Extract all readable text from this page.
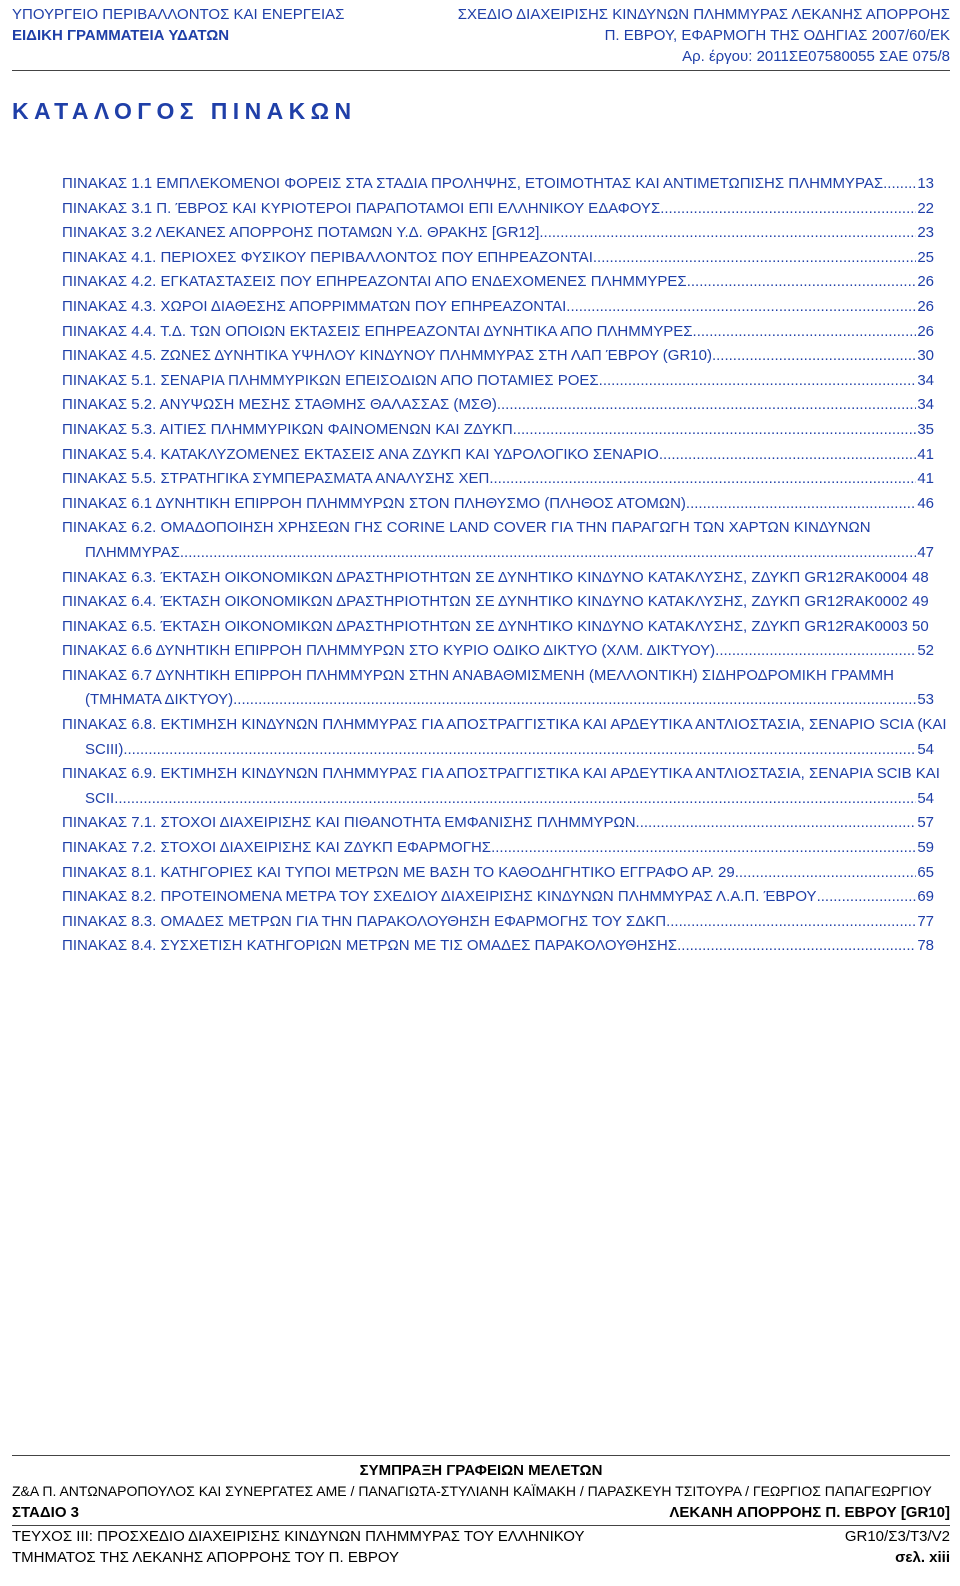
ΥΠΟΥΡΓΕΙΟ ΠΕΡΙΒΑΛΛΟΝΤΟΣ ΚΑΙ ΕΝΕΡΓΕΙΑΣ
ΕΙΔΙΚΗ ΓΡΑΜΜΑΤΕΙΑ ΥΔΑΤΩΝ
ΣΧΕΔΙΟ ΔΙΑΧΕΙΡΙΣΗΣ ΚΙΝΔΥΝΩΝ ΠΛΗΜΜΥΡΑΣ ΛΕΚΑΝΗΣ ΑΠΟΡΡΟΗΣ
Π. ΕΒΡΟΥ, ΕΦΑΡΜΟΓΗ ΤΗΣ ΟΔΗΓΙΑΣ 2007/60/ΕΚ
Αρ. έργου: 2011ΣΕ07580055 ΣΑΕ 075/8
ΚΑΤΑΛΟΓΟΣ ΠΙΝΑΚΩΝ
ΠΙΝΑΚΑΣ 1.1 ΕΜΠΛΕΚΟΜΕΝΟΙ ΦΟΡΕΙΣ ΣΤΑ ΣΤΑΔΙΑ ΠΡΟΛΗΨΗΣ, ΕΤΟΙΜΟΤΗΤΑΣ ΚΑΙ ΑΝΤΙΜΕΤΩΠΙΣΗΣ ΠΛΗΜΜΥΡΑΣ ..... 13
ΠΙΝΑΚΑΣ 3.1 Π. ΈΒΡΟΣ ΚΑΙ ΚΥΡΙΟΤΕΡΟΙ ΠΑΡΑΠΟΤΑΜΟΙ ΕΠΙ ΕΛΛΗΝΙΚΟΥ ΕΔΑΦΟΥΣ .....	22
ΠΙΝΑΚΑΣ 3.2 ΛΕΚΑΝΕΣ ΑΠΟΡΡΟΗΣ ΠΟΤΑΜΩΝ Υ.Δ. ΘΡΑΚΗΣ [GR12] .....	23
ΠΙΝΑΚΑΣ 4.1. ΠΕΡΙΟΧΕΣ ΦΥΣΙΚΟΥ ΠΕΡΙΒΑΛΛΟΝΤΟΣ ΠΟΥ ΕΠΗΡΕΑΖΟΝΤΑΙ .....	25
ΠΙΝΑΚΑΣ 4.2. ΕΓΚΑΤΑΣΤΑΣΕΙΣ ΠΟΥ ΕΠΗΡΕΑΖΟΝΤΑΙ ΑΠΟ ΕΝΔΕΧΟΜΕΝΕΣ ΠΛΗΜΜΥΡΕΣ .....	26
ΠΙΝΑΚΑΣ 4.3. ΧΩΡΟΙ ΔΙΑΘΕΣΗΣ ΑΠΟΡΡΙΜΜΑΤΩΝ ΠΟΥ ΕΠΗΡΕΑΖΟΝΤΑΙ .....	26
ΠΙΝΑΚΑΣ 4.4. Τ.Δ. ΤΩΝ ΟΠΟΙΩΝ ΕΚΤΑΣΕΙΣ ΕΠΗΡΕΑΖΟΝΤΑΙ ΔΥΝΗΤΙΚΑ ΑΠΟ ΠΛΗΜΜΥΡΕΣ .....	26
ΠΙΝΑΚΑΣ 4.5. ΖΩΝΕΣ ΔΥΝΗΤΙΚΑ ΥΨΗΛΟΥ ΚΙΝΔΥΝΟΥ ΠΛΗΜΜΥΡΑΣ ΣΤΗ ΛΑΠ ΈΒΡΟΥ (GR10) .....	30
ΠΙΝΑΚΑΣ 5.1. ΣΕΝΑΡΙΑ ΠΛΗΜΜΥΡΙΚΩΝ ΕΠΕΙΣΟΔΙΩΝ ΑΠΟ ΠΟΤΑΜΙΕΣ ΡΟΕΣ. .....	34
ΠΙΝΑΚΑΣ 5.2. ΑΝΥΨΩΣΗ ΜΕΣΗΣ ΣΤΑΘΜΗΣ ΘΑΛΑΣΣΑΣ (ΜΣΘ) .....	34
ΠΙΝΑΚΑΣ 5.3. ΑΙΤΙΕΣ ΠΛΗΜΜΥΡΙΚΩΝ ΦΑΙΝΟΜΕΝΩΝ ΚΑΙ ΖΔΥΚΠ. .....	35
ΠΙΝΑΚΑΣ 5.4. ΚΑΤΑΚΛΥΖΟΜΕΝΕΣ ΕΚΤΑΣΕΙΣ ΑΝΑ ΖΔΥΚΠ ΚΑΙ ΥΔΡΟΛΟΓΙΚΟ ΣΕΝΑΡΙΟ .....	41
ΠΙΝΑΚΑΣ 5.5. ΣΤΡΑΤΗΓΙΚΑ ΣΥΜΠΕΡΑΣΜΑΤΑ ΑΝΑΛΥΣΗΣ ΧΕΠ .....	41
ΠΙΝΑΚΑΣ 6.1 ΔΥΝΗΤΙΚΗ ΕΠΙΡΡΟΗ ΠΛΗΜΜΥΡΩΝ ΣΤΟΝ ΠΛΗΘΥΣΜΟ (ΠΛΗΘΟΣ ΑΤΟΜΩΝ) .....	46
ΠΙΝΑΚΑΣ 6.2. ΟΜΑΔΟΠΟΙΗΣΗ ΧΡΗΣΕΩΝ ΓΗΣ CORINE LAND COVER ΓΙΑ ΤΗΝ ΠΑΡΑΓΩΓΗ ΤΩΝ ΧΑΡΤΩΝ ΚΙΝΔΥΝΩΝ
ΠΛΗΜΜΥΡΑΣ .....	47
ΠΙΝΑΚΑΣ 6.3. ΈΚΤΑΣΗ ΟΙΚΟΝΟΜΙΚΩΝ ΔΡΑΣΤΗΡΙΟΤΗΤΩΝ ΣΕ ΔΥΝΗΤΙΚΟ ΚΙΝΔΥΝΟ ΚΑΤΑΚΛΥΣΗΣ, ΖΔΥΚΠ GR12RAK0004 48
ΠΙΝΑΚΑΣ 6.4. ΈΚΤΑΣΗ ΟΙΚΟΝΟΜΙΚΩΝ ΔΡΑΣΤΗΡΙΟΤΗΤΩΝ ΣΕ ΔΥΝΗΤΙΚΟ ΚΙΝΔΥΝΟ ΚΑΤΑΚΛΥΣΗΣ, ΖΔΥΚΠ GR12RAK0002 49
ΠΙΝΑΚΑΣ 6.5. ΈΚΤΑΣΗ ΟΙΚΟΝΟΜΙΚΩΝ ΔΡΑΣΤΗΡΙΟΤΗΤΩΝ ΣΕ ΔΥΝΗΤΙΚΟ ΚΙΝΔΥΝΟ ΚΑΤΑΚΛΥΣΗΣ, ΖΔΥΚΠ GR12RAK0003 50
ΠΙΝΑΚΑΣ 6.6 ΔΥΝΗΤΙΚΗ ΕΠΙΡΡΟΗ ΠΛΗΜΜΥΡΩΝ ΣΤΟ ΚΥΡΙΟ ΟΔΙΚΟ ΔΙΚΤΥΟ (ΧΛΜ. ΔΙΚΤΥΟΥ) .....	52
ΠΙΝΑΚΑΣ 6.7 ΔΥΝΗΤΙΚΗ ΕΠΙΡΡΟΗ ΠΛΗΜΜΥΡΩΝ ΣΤΗΝ ΑΝΑΒΑΘΜΙΣΜΕΝΗ (ΜΕΛΛΟΝΤΙΚΗ) ΣΙΔΗΡΟΔΡΟΜΙΚΗ ΓΡΑΜΜΗ
(ΤΜΗΜΑΤΑ ΔΙΚΤΥΟΥ) .....	53
ΠΙΝΑΚΑΣ 6.8. ΕΚΤΙΜΗΣΗ ΚΙΝΔΥΝΩΝ ΠΛΗΜΜΥΡΑΣ ΓΙΑ ΑΠΟΣΤΡΑΓΓΙΣΤΙΚΑ ΚΑΙ ΑΡΔΕΥΤΙΚΑ ΑΝΤΛΙΟΣΤΑΣΙΑ, ΣΕΝΑΡΙΟ SCIA (ΚΑΙ
SCIII) .....	54
ΠΙΝΑΚΑΣ 6.9. ΕΚΤΙΜΗΣΗ ΚΙΝΔΥΝΩΝ ΠΛΗΜΜΥΡΑΣ ΓΙΑ ΑΠΟΣΤΡΑΓΓΙΣΤΙΚΑ ΚΑΙ ΑΡΔΕΥΤΙΚΑ ΑΝΤΛΙΟΣΤΑΣΙΑ, ΣΕΝΑΡΙΑ SCIB ΚΑΙ
SCII .....	54
ΠΙΝΑΚΑΣ 7.1. ΣΤΟΧΟΙ ΔΙΑΧΕΙΡΙΣΗΣ ΚΑΙ ΠΙΘΑΝΟΤΗΤΑ ΕΜΦΑΝΙΣΗΣ ΠΛΗΜΜΥΡΩΝ. .....	57
ΠΙΝΑΚΑΣ 7.2. ΣΤΟΧΟΙ ΔΙΑΧΕΙΡΙΣΗΣ ΚΑΙ ΖΔΥΚΠ ΕΦΑΡΜΟΓΗΣ. .....	59
ΠΙΝΑΚΑΣ 8.1. ΚΑΤΗΓΟΡΙΕΣ ΚΑΙ ΤΥΠΟΙ ΜΕΤΡΩΝ ΜΕ ΒΑΣΗ ΤΟ ΚΑΘΟΔΗΓΗΤΙΚΟ ΕΓΓΡΑΦΟ ΑΡ. 29. .....	65
ΠΙΝΑΚΑΣ 8.2. ΠΡΟΤΕΙΝΟΜΕΝΑ ΜΕΤΡΑ ΤΟΥ ΣΧΕΔΙΟΥ ΔΙΑΧΕΙΡΙΣΗΣ ΚΙΝΔΥΝΩΝ ΠΛΗΜΜΥΡΑΣ Λ.Α.Π. ΈΒΡΟΥ .....	69
ΠΙΝΑΚΑΣ 8.3. ΟΜΑΔΕΣ ΜΕΤΡΩΝ ΓΙΑ ΤΗΝ ΠΑΡΑΚΟΛΟΥΘΗΣΗ ΕΦΑΡΜΟΓΗΣ ΤΟΥ ΣΔΚΠ .....	77
ΠΙΝΑΚΑΣ 8.4. ΣΥΣΧΕΤΙΣΗ ΚΑΤΗΓΟΡΙΩΝ ΜΕΤΡΩΝ ΜΕ ΤΙΣ ΟΜΑΔΕΣ ΠΑΡΑΚΟΛΟΥΘΗΣΗΣ .....	78
ΣΥΜΠΡΑΞΗ ΓΡΑΦΕΙΩΝ ΜΕΛΕΤΩΝ
Ζ&Α Π. ΑΝΤΩΝΑΡΟΠΟΥΛΟΣ ΚΑΙ ΣΥΝΕΡΓΑΤΕΣ ΑΜΕ / ΠΑΝΑΓΙΩΤΑ-ΣΤΥΛΙΑΝΗ ΚΑΪΜΑΚΗ / ΠΑΡΑΣΚΕΥΗ ΤΣΙΤΟΥΡΑ / ΓΕΩΡΓΙΟΣ ΠΑΠΑΓΕΩΡΓΙΟΥ
ΣΤΑΔΙΟ 3	ΛΕΚΑΝΗ ΑΠΟΡΡΟΗΣ Π. ΕΒΡΟΥ [GR10]
ΤΕΥΧΟΣ III: ΠΡΟΣΧΕΔΙΟ ΔΙΑΧΕΙΡΙΣΗΣ ΚΙΝΔΥΝΩΝ ΠΛΗΜΜΥΡΑΣ ΤΟΥ ΕΛΛΗΝΙΚΟΥ	GR10/Σ3/Τ3/V2
ΤΜΗΜΑΤΟΣ ΤΗΣ ΛΕΚΑΝΗΣ ΑΠΟΡΡΟΗΣ ΤΟΥ Π. ΕΒΡΟΥ	σελ. xiii
